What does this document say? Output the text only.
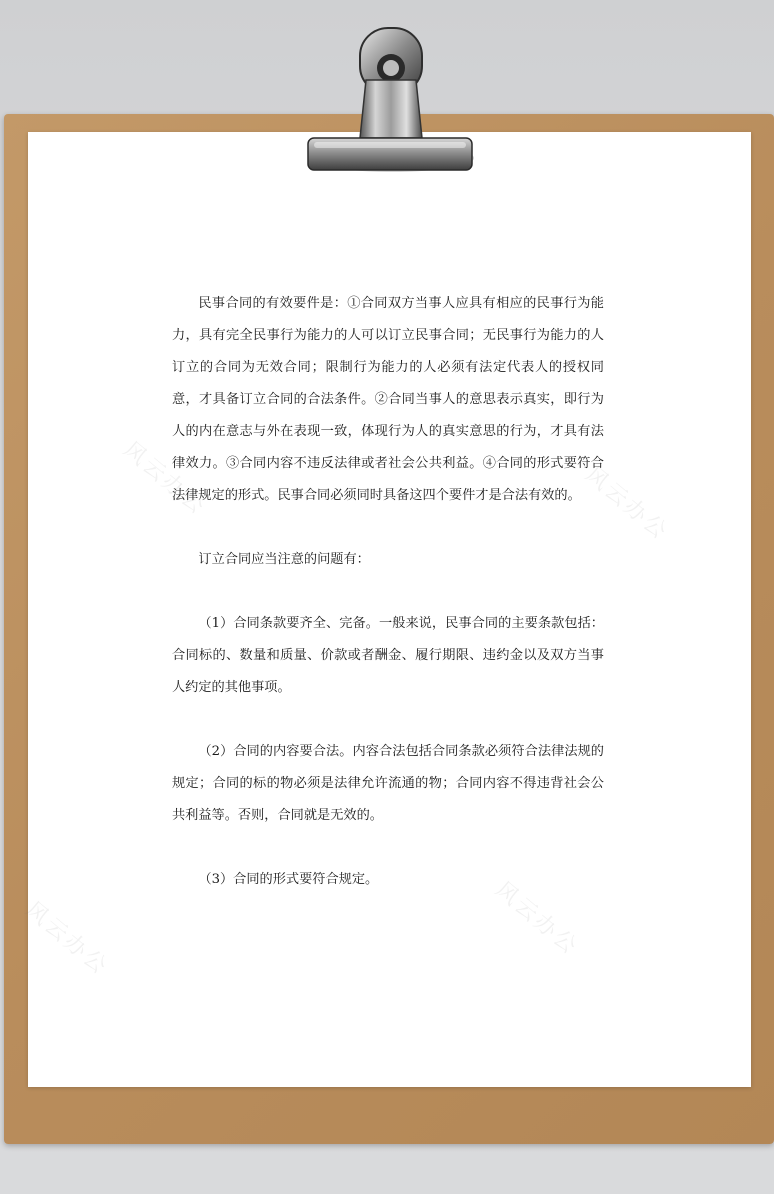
风云办公	风云办公
风云办公	风云办公

民事合同的有效要件是：①合同双方当事人应具有相应的民事行为能力，具有完全民事行为能力的人可以订立民事合同；无民事行为能力的人订立的合同为无效合同；限制行为能力的人必须有法定代表人的授权同意，才具备订立合同的合法条件。②合同当事人的意思表示真实，即行为人的内在意志与外在表现一致，体现行为人的真实意思的行为，才具有法律效力。③合同内容不违反法律或者社会公共利益。④合同的形式要符合法律规定的形式。民事合同必须同时具备这四个要件才是合法有效的。

订立合同应当注意的问题有：

（1）合同条款要齐全、完备。一般来说，民事合同的主要条款包括：合同标的、数量和质量、价款或者酬金、履行期限、违约金以及双方当事人约定的其他事项。

（2）合同的内容要合法。内容合法包括合同条款必须符合法律法规的规定；合同的标的物必须是法律允许流通的物；合同内容不得违背社会公共利益等。否则，合同就是无效的。

（3）合同的形式要符合规定。
